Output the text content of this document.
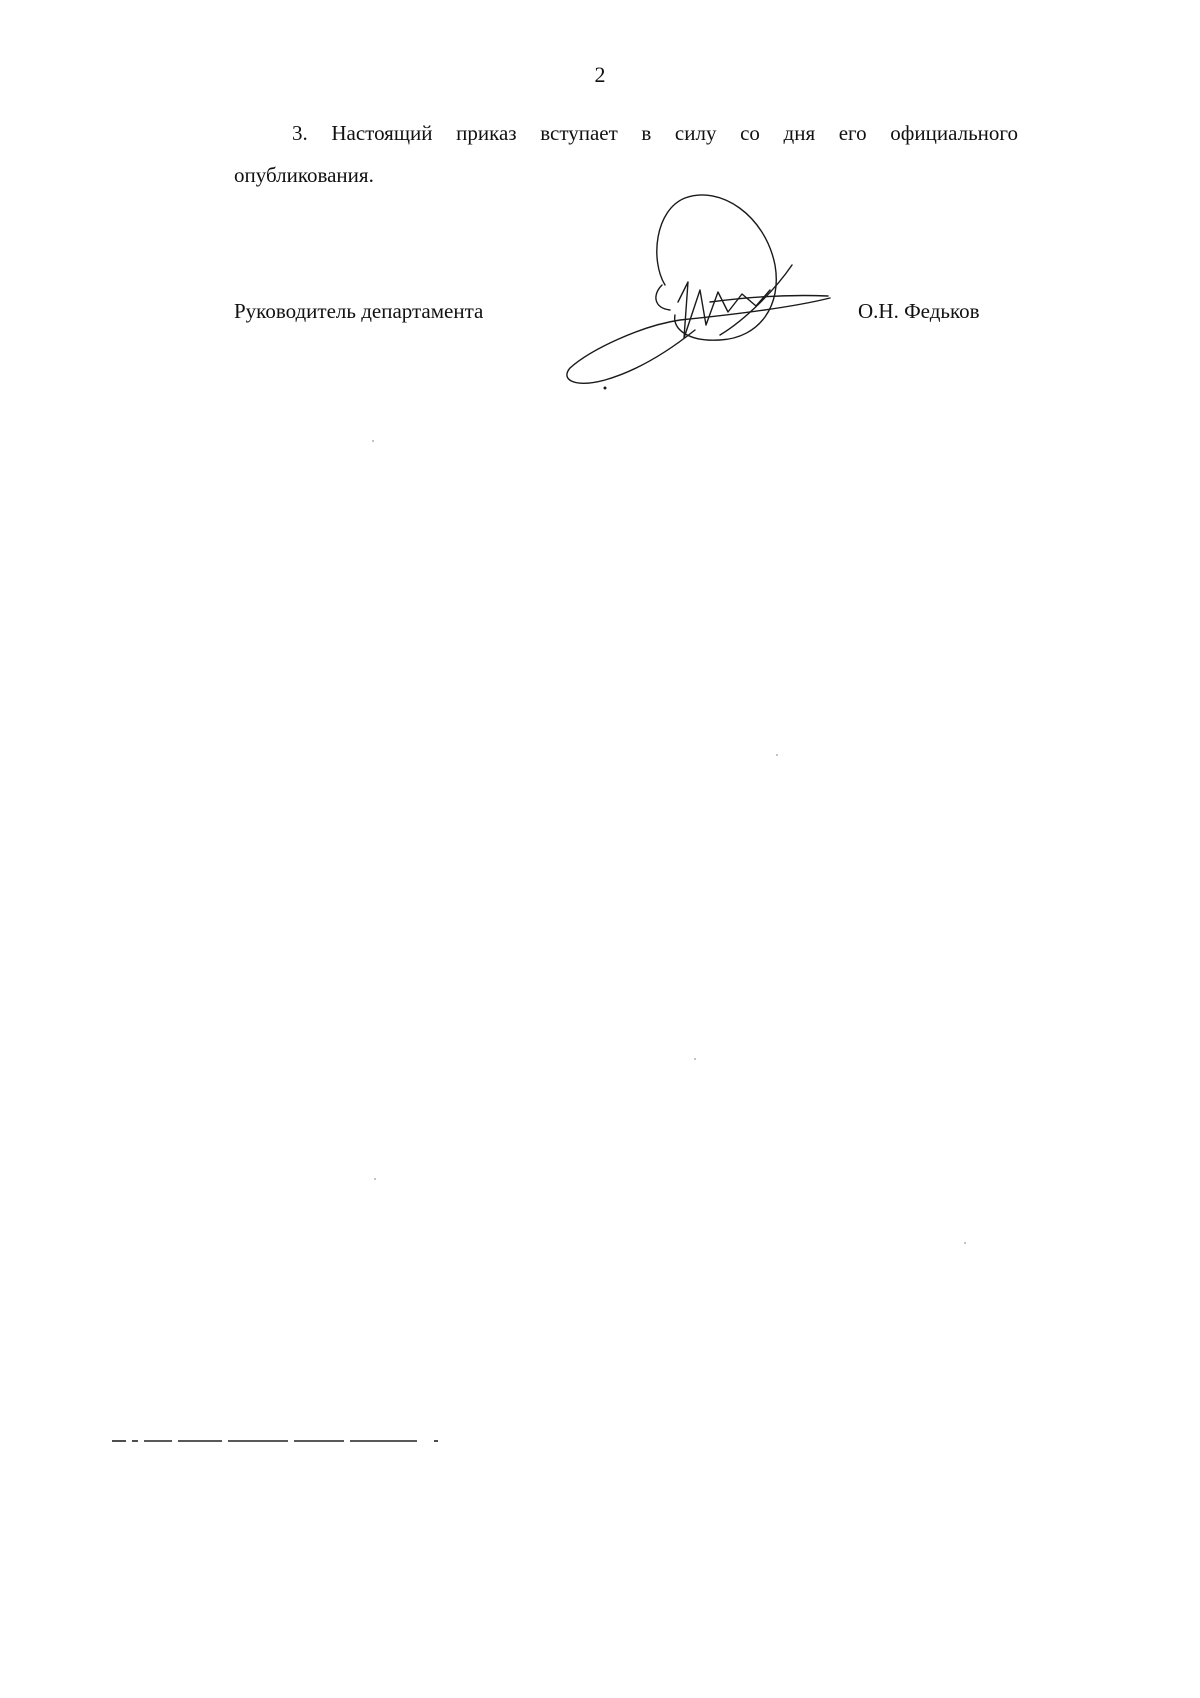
2
3. Настоящий приказ вступает в силу со дня его официального
опубликования.
Руководитель департамента	О.Н. Федьков
